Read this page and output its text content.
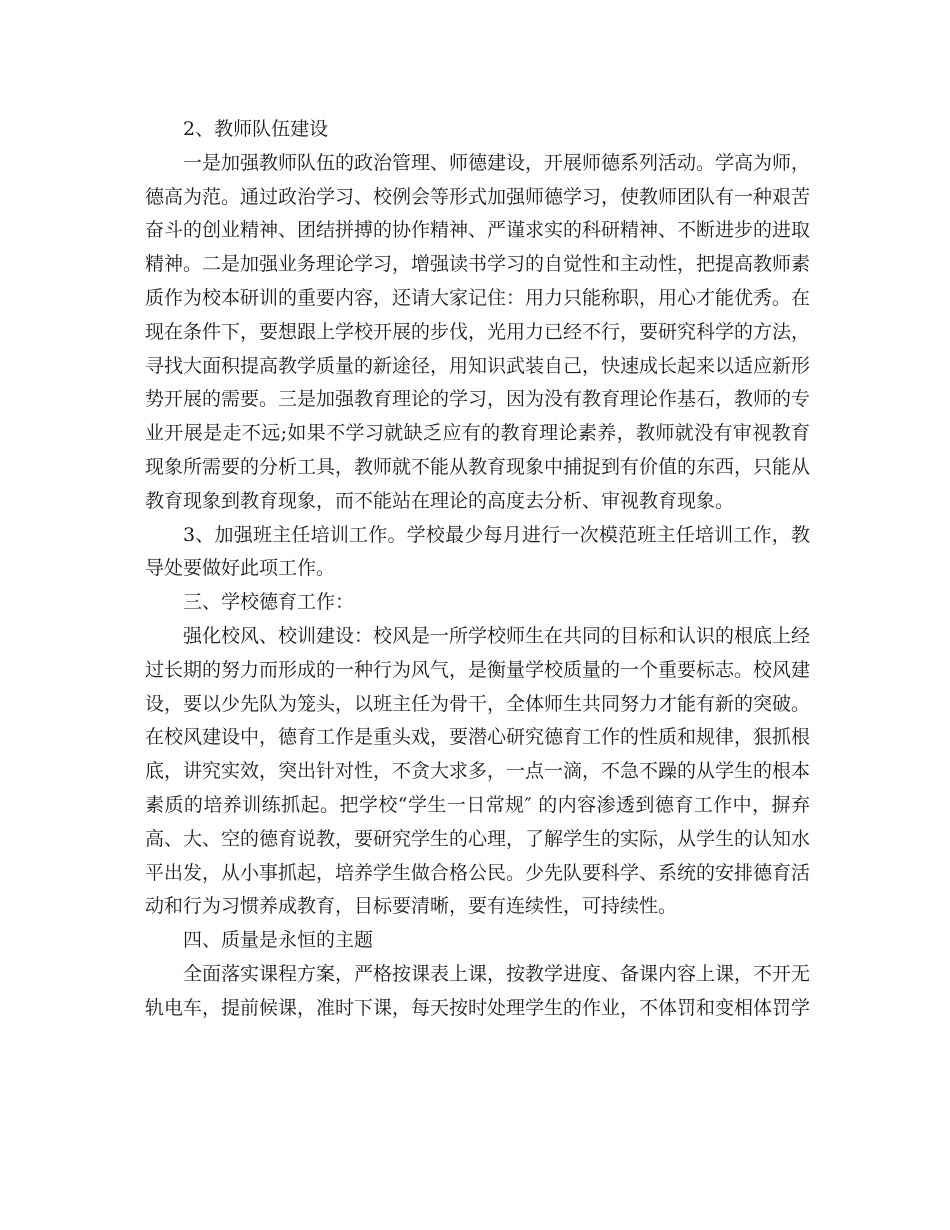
2、教师队伍建设

一是加强教师队伍的政治管理、师德建设，开展师德系列活动。学高为师，德高为范。通过政治学习、校例会等形式加强师德学习，使教师团队有一种艰苦奋斗的创业精神、团结拼搏的协作精神、严谨求实的科研精神、不断进步的进取精神。二是加强业务理论学习，增强读书学习的自觉性和主动性，把提高教师素质作为校本研训的重要内容，还请大家记住：用力只能称职，用心才能优秀。在现在条件下，要想跟上学校开展的步伐，光用力已经不行，要研究科学的方法，寻找大面积提高教学质量的新途径，用知识武装自己，快速成长起来以适应新形势开展的需要。三是加强教育理论的学习，因为没有教育理论作基石，教师的专业开展是走不远;如果不学习就缺乏应有的教育理论素养，教师就没有审视教育现象所需要的分析工具，教师就不能从教育现象中捕捉到有价值的东西，只能从教育现象到教育现象，而不能站在理论的高度去分析、审视教育现象。

3、加强班主任培训工作。学校最少每月进行一次模范班主任培训工作，教导处要做好此项工作。

三、学校德育工作：

强化校风、校训建设：校风是一所学校师生在共同的目标和认识的根底上经过长期的努力而形成的一种行为风气，是衡量学校质量的一个重要标志。校风建设，要以少先队为笼头，以班主任为骨干，全体师生共同努力才能有新的突破。在校风建设中，德育工作是重头戏，要潜心研究德育工作的性质和规律，狠抓根底，讲究实效，突出针对性，不贪大求多，一点一滴，不急不躁的从学生的根本素质的培养训练抓起。把学校“学生一日常规″ 的内容渗透到德育工作中，摒弃高、大、空的德育说教，要研究学生的心理，了解学生的实际，从学生的认知水平出发，从小事抓起，培养学生做合格公民。少先队要科学、系统的安排德育活动和行为习惯养成教育，目标要清晰，要有连续性，可持续性。

四、质量是永恒的主题

全面落实课程方案，严格按课表上课，按教学进度、备课内容上课，不开无轨电车，提前候课，准时下课，每天按时处理学生的作业，不体罚和变相体罚学
